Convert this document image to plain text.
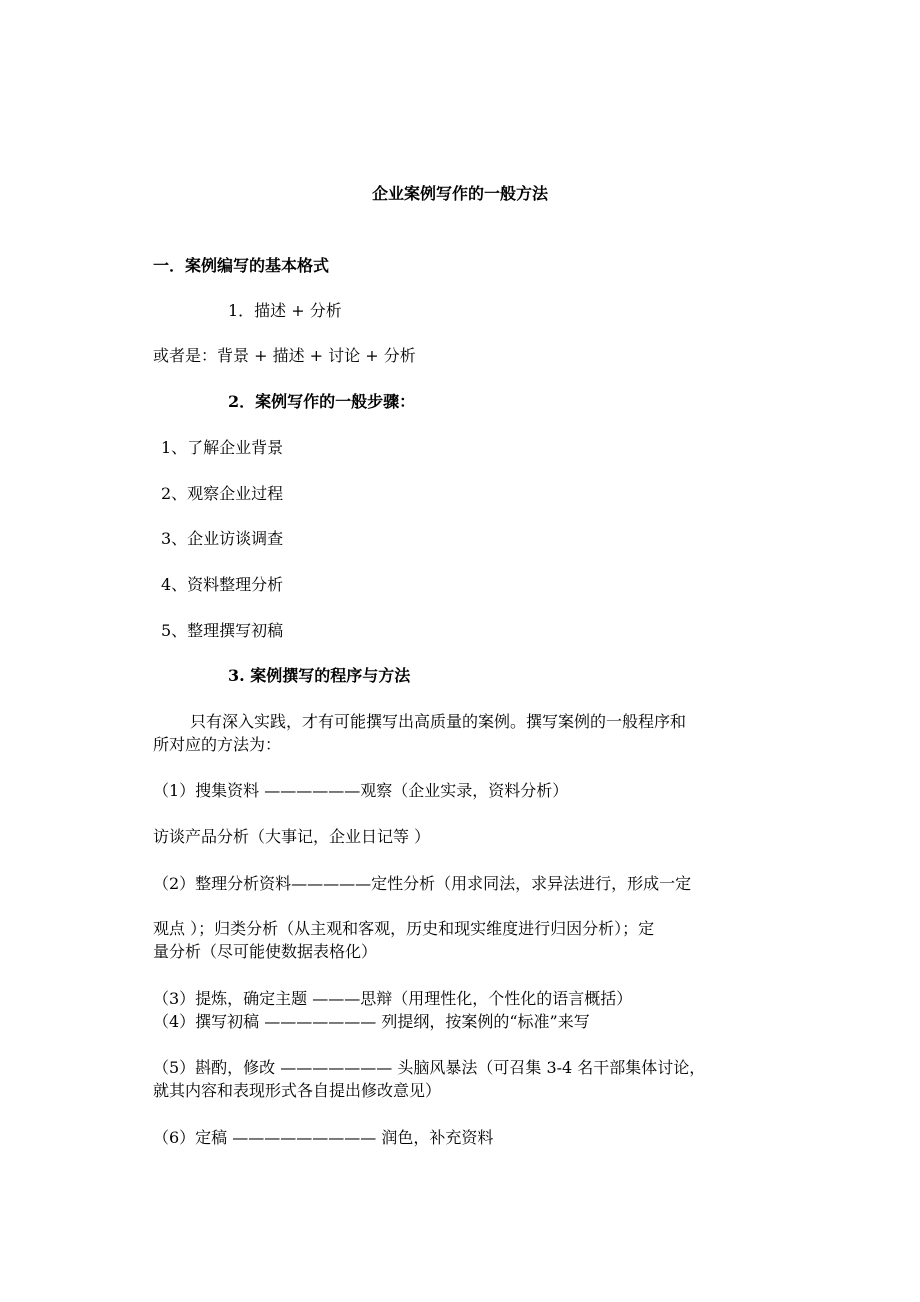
企业案例写作的一般方法
一．案例编写的基本格式
1．描述 + 分析
或者是：背景 + 描述 + 讨论 + 分析
2．案例写作的一般步骤：
1、了解企业背景
2、观察企业过程
3、企业访谈调查
4、资料整理分析
5、整理撰写初稿
3. 案例撰写的程序与方法
只有深入实践，才有可能撰写出高质量的案例。撰写案例的一般程序和
所对应的方法为：
（1）搜集资料 ——————观察（企业实录，资料分析）
访谈产品分析（大事记，企业日记等 ）
（2）整理分析资料—————定性分析（用求同法，求异法进行，形成一定
观点 ）；归类分析（从主观和客观，历史和现实维度进行归因分析）；定
量分析（尽可能使数据表格化）
（3）提炼，确定主题 ———思辩（用理性化，个性化的语言概括）
（4）撰写初稿 ——————— 列提纲，按案例的“标准”来写
（5）斟酌，修改 ——————— 头脑风暴法（可召集 3-4 名干部集体讨论，
就其内容和表现形式各自提出修改意见）
（6）定稿 ————————— 润色，补充资料
